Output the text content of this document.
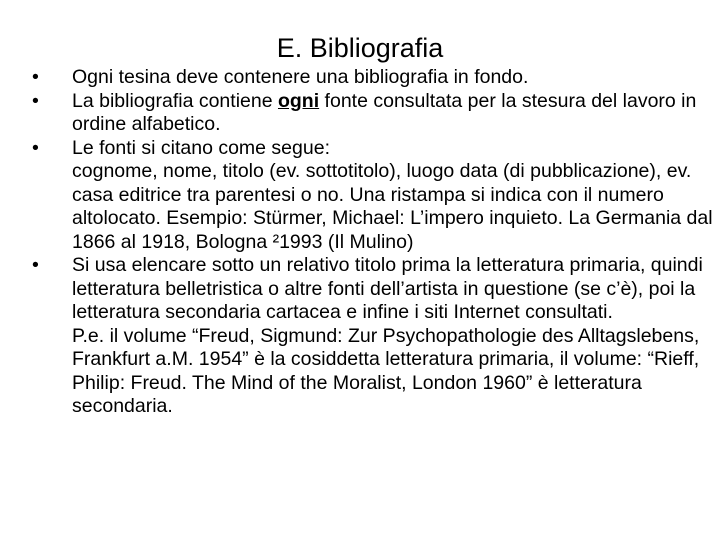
E. Bibliografia
•	Ogni tesina deve contenere una bibliografia in fondo.
•	La bibliografia contiene ogni fonte consultata per la stesura del lavoro in ordine alfabetico.
•	Le fonti si citano come segue:
cognome, nome, titolo (ev. sottotitolo), luogo data (di pubblicazione), ev. casa editrice tra parentesi o no. Una ristampa si indica con il numero altolocato. Esempio: Stürmer, Michael: L’impero inquieto. La Germania dal 1866 al 1918, Bologna ²1993 (Il Mulino)
•	Si usa elencare sotto un relativo titolo prima la letteratura primaria, quindi letteratura belletristica o altre fonti dell’artista in questione (se c’è), poi la letteratura secondaria cartacea e infine i siti Internet consultati.
P.e. il volume “Freud, Sigmund: Zur Psychopathologie des Alltagslebens, Frankfurt a.M. 1954” è la cosiddetta letteratura primaria, il volume: “Rieff, Philip: Freud. The Mind of the Moralist, London 1960” è letteratura secondaria.
